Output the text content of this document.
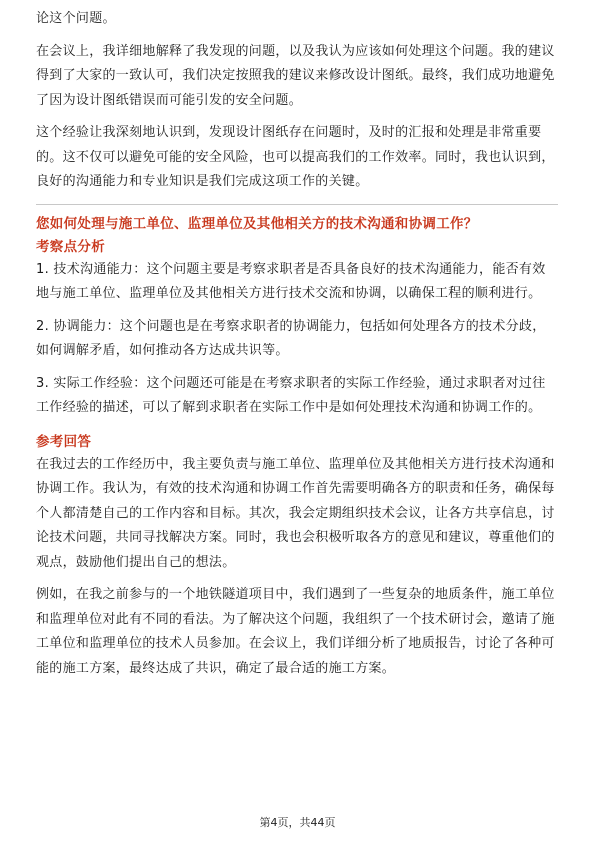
论这个问题。

在会议上，我详细地解释了我发现的问题，以及我认为应该如何处理这个问题。我的建议得到了大家的一致认可，我们决定按照我的建议来修改设计图纸。最终，我们成功地避免了因为设计图纸错误而可能引发的安全问题。

这个经验让我深刻地认识到，发现设计图纸存在问题时，及时的汇报和处理是非常重要的。这不仅可以避免可能的安全风险，也可以提高我们的工作效率。同时，我也认识到，良好的沟通能力和专业知识是我们完成这项工作的关键。

您如何处理与施工单位、监理单位及其他相关方的技术沟通和协调工作？

考察点分析

1. 技术沟通能力：这个问题主要是考察求职者是否具备良好的技术沟通能力，能否有效地与施工单位、监理单位及其他相关方进行技术交流和协调，以确保工程的顺利进行。

2. 协调能力：这个问题也是在考察求职者的协调能力，包括如何处理各方的技术分歧，如何调解矛盾，如何推动各方达成共识等。

3. 实际工作经验：这个问题还可能是在考察求职者的实际工作经验，通过求职者对过往工作经验的描述，可以了解到求职者在实际工作中是如何处理技术沟通和协调工作的。

参考回答

在我过去的工作经历中，我主要负责与施工单位、监理单位及其他相关方进行技术沟通和协调工作。我认为，有效的技术沟通和协调工作首先需要明确各方的职责和任务，确保每个人都清楚自己的工作内容和目标。其次，我会定期组织技术会议，让各方共享信息，讨论技术问题，共同寻找解决方案。同时，我也会积极听取各方的意见和建议，尊重他们的观点，鼓励他们提出自己的想法。

例如，在我之前参与的一个地铁隧道项目中，我们遇到了一些复杂的地质条件，施工单位和监理单位对此有不同的看法。为了解决这个问题，我组织了一个技术研讨会，邀请了施工单位和监理单位的技术人员参加。在会议上，我们详细分析了地质报告，讨论了各种可能的施工方案，最终达成了共识，确定了最合适的施工方案。

第4页，共44页
